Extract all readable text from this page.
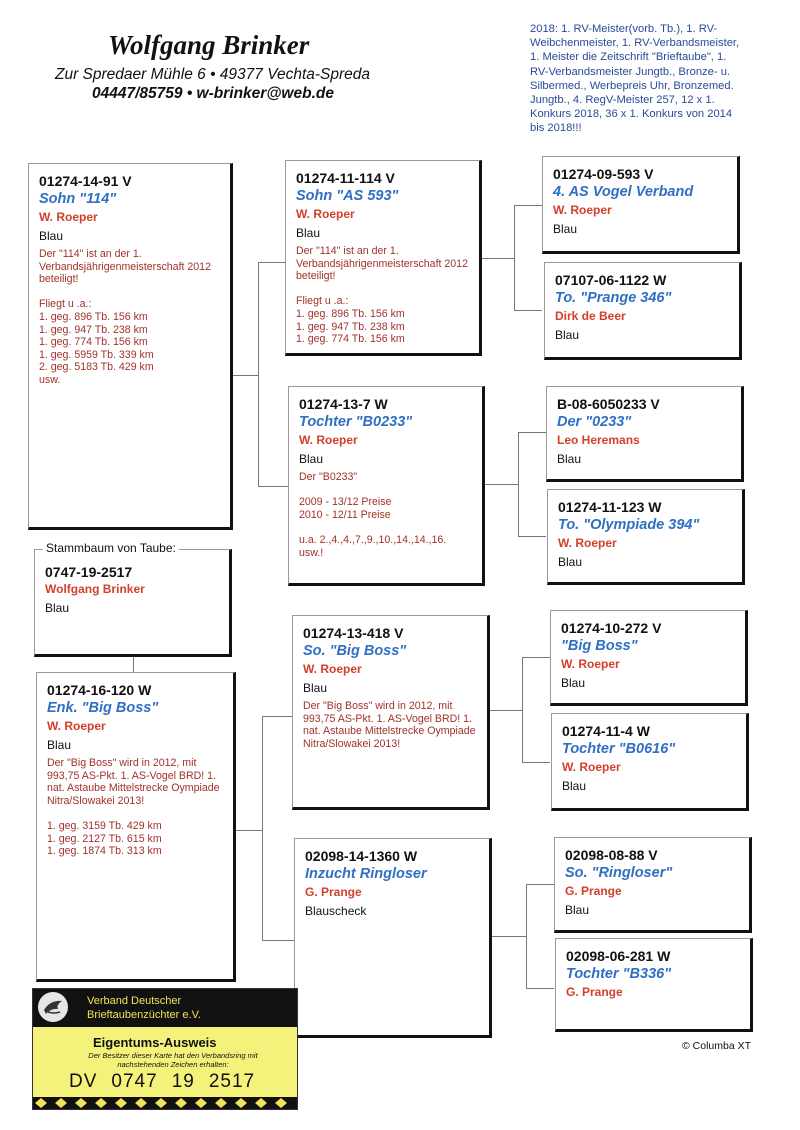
Wolfgang Brinker
Zur Spredaer Mühle 6 • 49377 Vechta-Spreda
04447/85759 • w-brinker@web.de
2018: 1. RV-Meister(vorb. Tb.), 1. RV-Weibchenmeister, 1. RV-Verbandsmeister, 1. Meister die Zeitschrift "Brieftaube", 1. RV-Verbandsmeister Jungtb., Bronze- u. Silbermed., Werbepreis Uhr, Bronzemed. Jungtb., 4. RegV-Meister 257, 12 x 1. Konkurs 2018, 36 x 1. Konkurs von 2014 bis 2018!!!

01274-14-91 V

Sohn "114"

W. Roeper

Blau

Der "114" ist an der 1. Verbandsjährigenmeisterschaft 2012 beteiligt!

Fliegt u .a.:
1. geg. 896 Tb. 156 km
1. geg. 947 Tb. 238 km
1. geg. 774 Tb. 156 km
1. geg. 5959 Tb. 339 km
2. geg. 5183 Tb. 429 km
usw.

Stammbaum von Taube:

0747-19-2517

Wolfgang Brinker

Blau

01274-16-120 W

Enk. "Big Boss"

W. Roeper

Blau

Der "Big Boss" wird in 2012, mit 993,75 AS-Pkt. 1. AS-Vogel BRD! 1. nat. Astaube Mittelstrecke Oympiade Nitra/Slowakei 2013!

1. geg. 3159 Tb. 429 km
1. geg. 2127 Tb. 615 km
1. geg. 1874 Tb. 313 km

01274-11-114 V

Sohn "AS 593"

W. Roeper

Blau

Der "114" ist an der 1. Verbandsjährigenmeisterschaft 2012 beteiligt!

Fliegt u .a.:
1. geg. 896 Tb. 156 km
1. geg. 947 Tb. 238 km
1. geg. 774 Tb. 156 km

01274-13-7 W

Tochter "B0233"

W. Roeper

Blau

Der "B0233"

2009 - 13/12 Preise
2010 - 12/11 Preise

u.a. 2.,4.,4.,7.,9.,10.,14.,14.,16. usw.!

01274-13-418 V

So. "Big Boss"

W. Roeper

Blau

Der "Big Boss" wird in 2012, mit 993,75 AS-Pkt. 1. AS-Vogel BRD! 1. nat. Astaube Mittelstrecke Oympiade Nitra/Slowakei 2013!

02098-14-1360 W

Inzucht Ringloser

G. Prange

Blauscheck

01274-09-593 V

4. AS Vogel Verband

W. Roeper

Blau

07107-06-1122 W

To. "Prange 346"

Dirk de Beer

Blau

B-08-6050233 V

Der "0233"

Leo Heremans

Blau

01274-11-123 W

To. "Olympiade 394"

W. Roeper

Blau

01274-10-272 V

"Big Boss"

W. Roeper

Blau

01274-11-4 W

Tochter "B0616"

W. Roeper

Blau

02098-08-88 V

So. "Ringloser"

G. Prange

Blau

02098-06-281 W

Tochter "B336"

G. Prange

© Columba XT
Verband Deutscher
Brieftaubenzüchter e.V.
Eigentums-Ausweis
Der Besitzer dieser Karte hat den Verbandsring mit nachstehenden Zeichen erhalten:
DV 0747 19 2517
